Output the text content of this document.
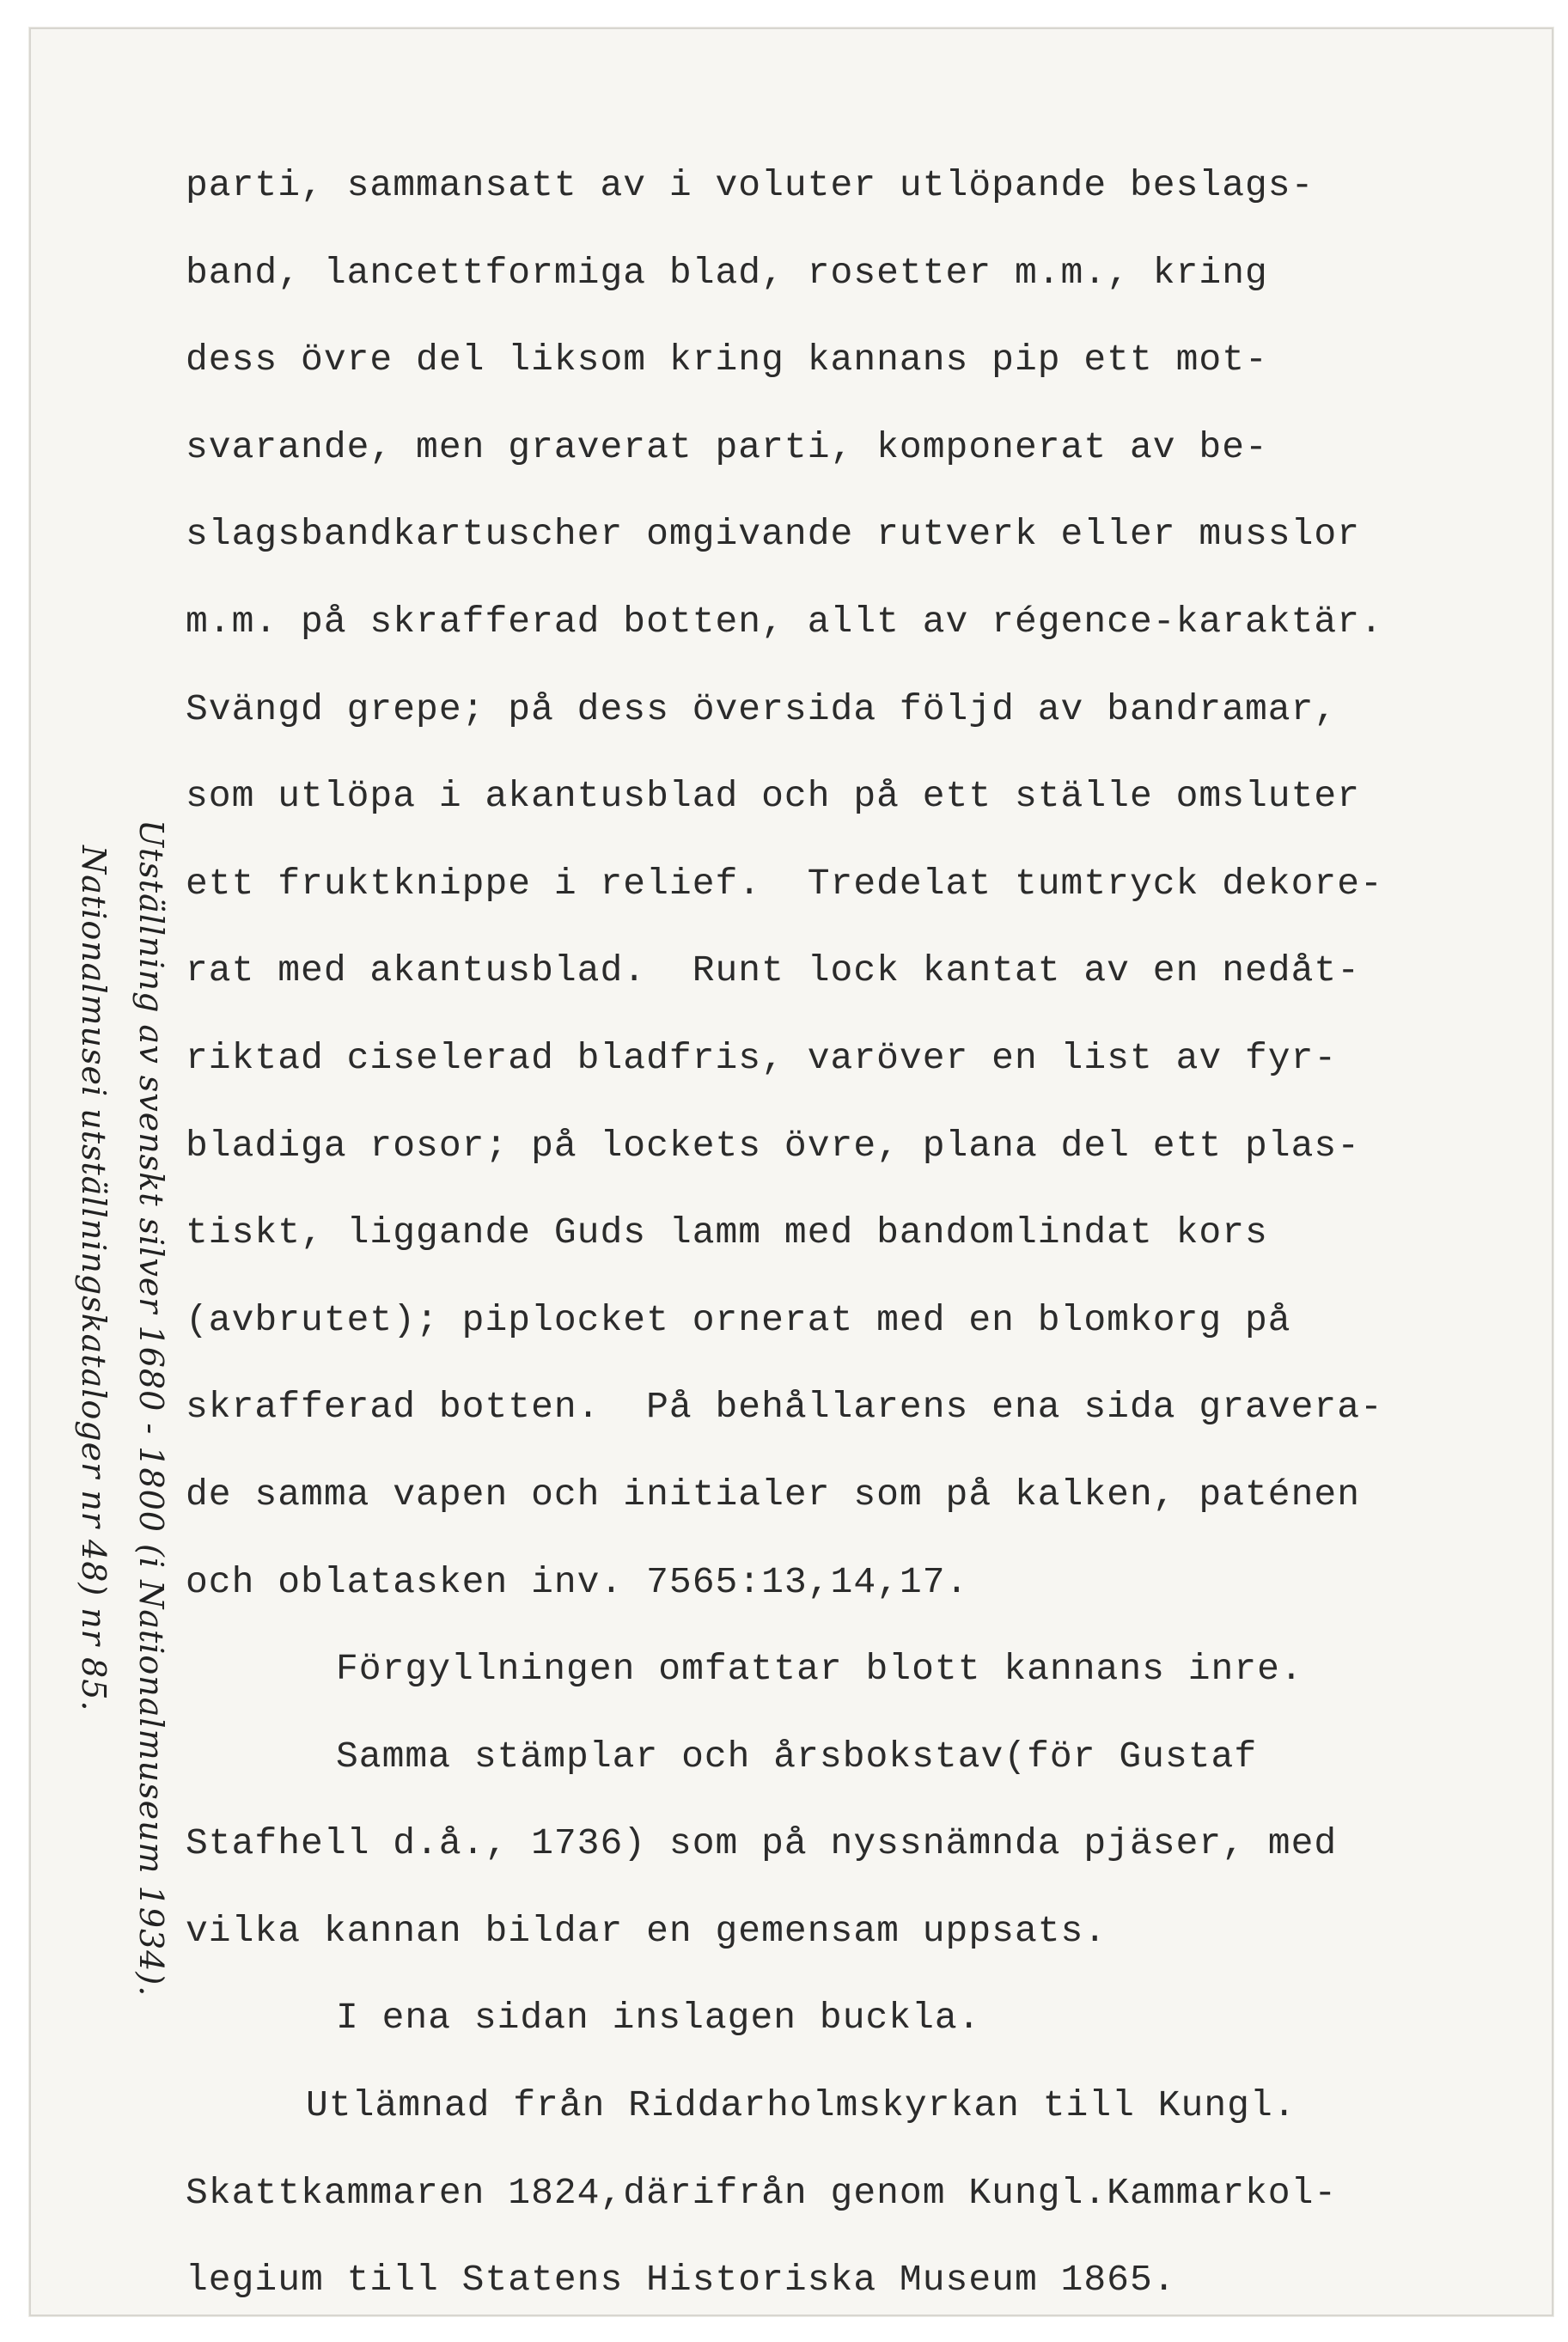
parti, sammansatt av i voluter utlöpande beslags-
band, lancettformiga blad, rosetter m.m., kring
dess övre del liksom kring kannans pip ett mot-
svarande, men graverat parti, komponerat av be-
slagsbandkartuscher omgivande rutverk eller musslor
m.m. på skrafferad botten, allt av régence-karaktär.
Svängd grepe; på dess översida följd av bandramar,
som utlöpa i akantusblad och på ett ställe omsluter
ett fruktknippe i relief.  Tredelat tumtryck dekore-
rat med akantusblad.  Runt lock kantat av en nedåt-
riktad ciselerad bladfris, varöver en list av fyr-
bladiga rosor; på lockets övre, plana del ett plas-
tiskt, liggande Guds lamm med bandomlindat kors
(avbrutet); piplocket ornerat med en blomkorg på
skrafferad botten.  På behållarens ena sida gravera-
de samma vapen och initialer som på kalken, paténen
och oblatasken inv. 7565:13,14,17.
Förgyllningen omfattar blott kannans inre.
Samma stämplar och årsbokstav(för Gustaf
Stafhell d.å., 1736) som på nyssnämnda pjäser, med
vilka kannan bildar en gemensam uppsats.
I ena sidan inslagen buckla.
Utlämnad från Riddarholmskyrkan till Kungl.
Skattkammaren 1824,därifrån genom Kungl.Kammarkol-
legium till Statens Historiska Museum 1865.
Utställning av svenskt silver 1680 - 1800 (i Nationalmuseum 1934).
Nationalmusei utställningskataloger nr 48) nr 85.
